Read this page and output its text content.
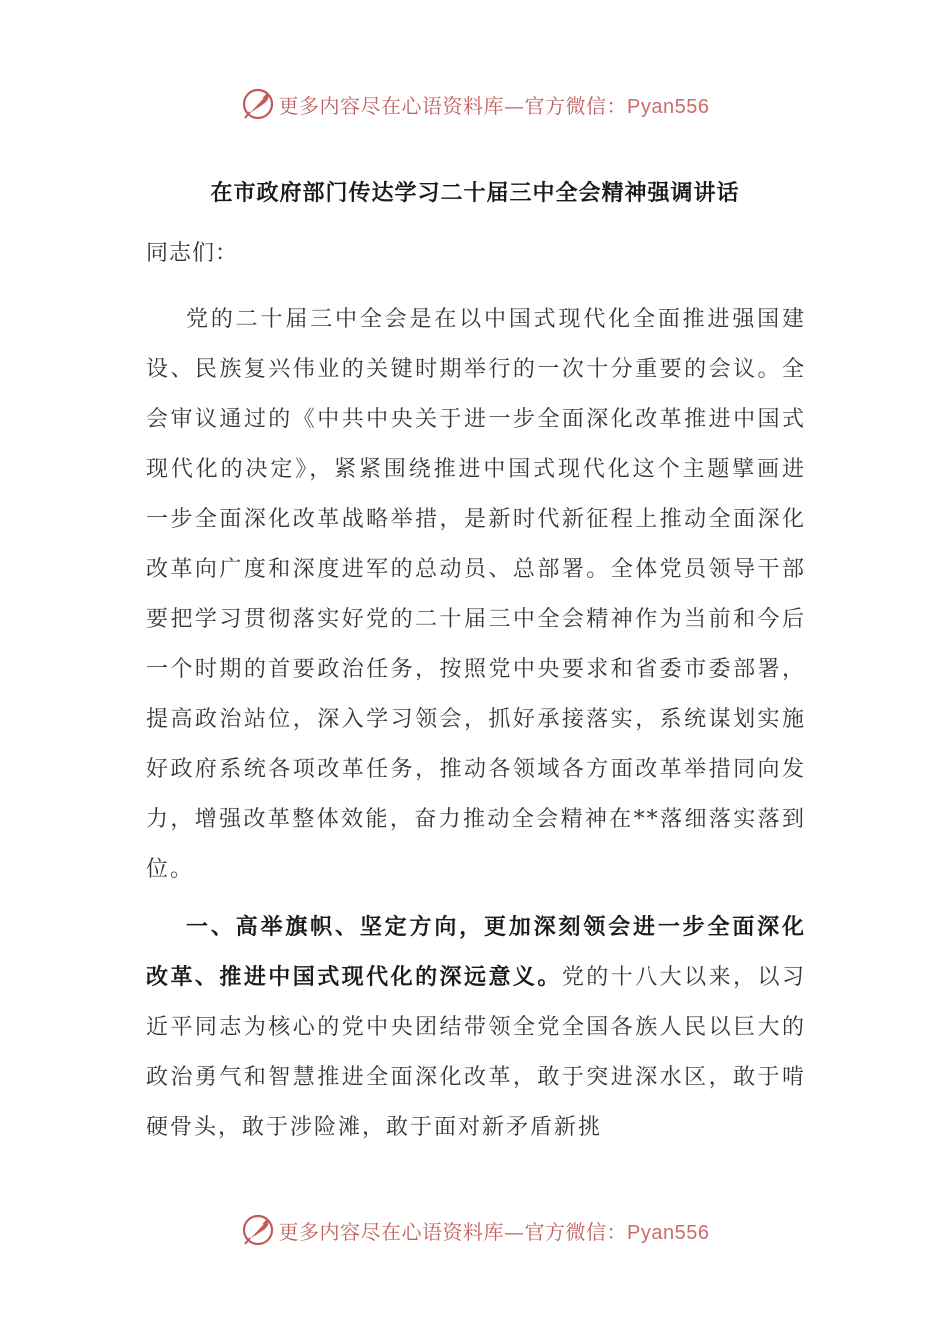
更多内容尽在心语资料库—官方微信：Pyan556
在市政府部门传达学习二十届三中全会精神强调讲话
同志们：
党的二十届三中全会是在以中国式现代化全面推进强国建设、民族复兴伟业的关键时期举行的一次十分重要的会议。全会审议通过的《中共中央关于进一步全面深化改革推进中国式现代化的决定》，紧紧围绕推进中国式现代化这个主题擘画进一步全面深化改革战略举措，是新时代新征程上推动全面深化改革向广度和深度进军的总动员、总部署。全体党员领导干部要把学习贯彻落实好党的二十届三中全会精神作为当前和今后一个时期的首要政治任务，按照党中央要求和省委市委部署，提高政治站位，深入学习领会，抓好承接落实，系统谋划实施好政府系统各项改革任务，推动各领域各方面改革举措同向发力，增强改革整体效能，奋力推动全会精神在**落细落实落到位。
一、高举旗帜、坚定方向，更加深刻领会进一步全面深化改革、推进中国式现代化的深远意义。党的十八大以来，以习近平同志为核心的党中央团结带领全党全国各族人民以巨大的政治勇气和智慧推进全面深化改革，敢于突进深水区，敢于啃硬骨头，敢于涉险滩，敢于面对新矛盾新挑
更多内容尽在心语资料库—官方微信：Pyan556
